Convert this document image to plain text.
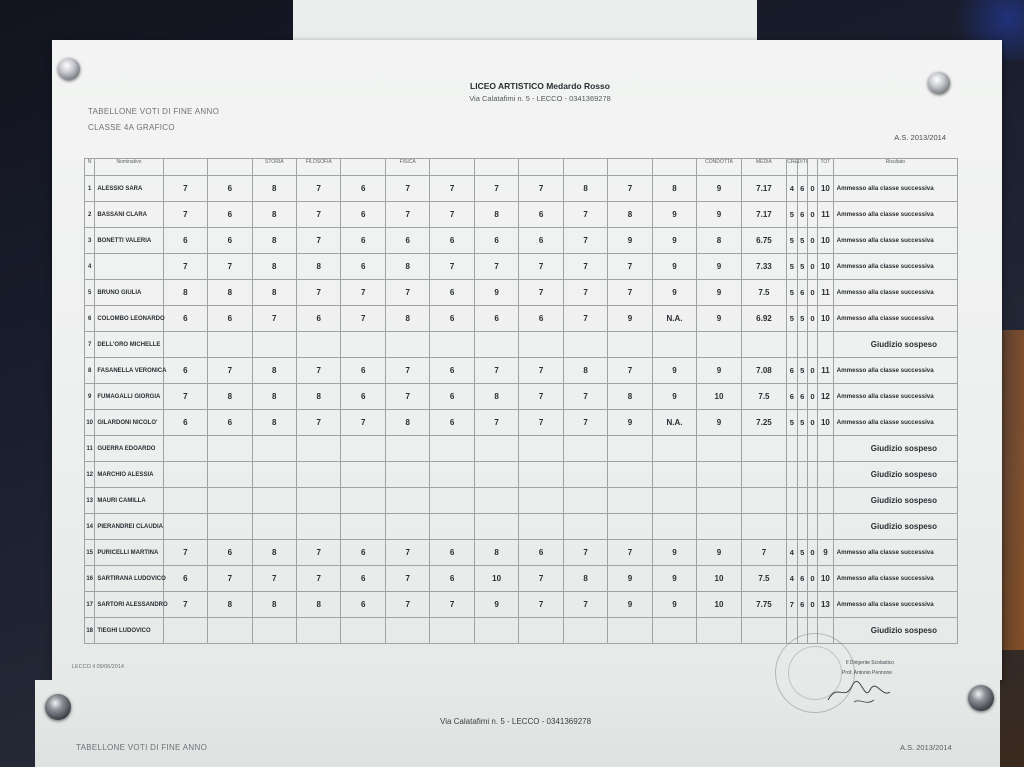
LICEO ARTISTICO Medardo Rosso
Via Calatafimi n. 5 - LECCO - 0341369278
TABELLONE VOTI DI FINE ANNO
CLASSE 4A GRAFICO
A.S. 2013/2014
N	Nominativo			STORIA	FILOSOFIA		FISICA							CONDOTTA	MEDIA	CREDITI			TOT	Risultato
1	ALESSIO SARA	7	6	8	7	6	7	7	7	7	8	7	8	9	7.17	4	6	0	10	Ammesso alla classe successiva
2	BASSANI CLARA	7	6	8	7	6	7	7	8	6	7	8	9	9	7.17	5	6	0	11	Ammesso alla classe successiva
3	BONETTI VALERIA	6	6	8	7	6	6	6	6	6	7	9	9	8	6.75	5	5	0	10	Ammesso alla classe successiva
4		7	7	8	8	6	8	7	7	7	7	7	9	9	7.33	5	5	0	10	Ammesso alla classe successiva
5	BRUNO GIULIA	8	8	8	7	7	7	6	9	7	7	7	9	9	7.5	5	6	0	11	Ammesso alla classe successiva
6	COLOMBO LEONARDO	6	6	7	6	7	8	6	6	6	7	9	N.A.	9	6.92	5	5	0	10	Ammesso alla classe successiva
7	DELL'ORO MICHELLE																			Giudizio sospeso
8	FASANELLA VERONICA	6	7	8	7	6	7	6	7	7	8	7	9	9	7.08	6	5	0	11	Ammesso alla classe successiva
9	FUMAGALLI GIORGIA	7	8	8	8	6	7	6	8	7	7	8	9	10	7.5	6	6	0	12	Ammesso alla classe successiva
10	GILARDONI NICOLO'	6	6	8	7	7	8	6	7	7	7	9	N.A.	9	7.25	5	5	0	10	Ammesso alla classe successiva
11	GUERRA EDOARDO																			Giudizio sospeso
12	MARCHIO ALESSIA																			Giudizio sospeso
13	MAURI CAMILLA																			Giudizio sospeso
14	PIERANDREI CLAUDIA																			Giudizio sospeso
15	PURICELLI MARTINA	7	6	8	7	6	7	6	8	6	7	7	9	9	7	4	5	0	9	Ammesso alla classe successiva
16	SARTIRANA LUDOVICO	6	7	7	7	6	7	6	10	7	8	9	9	10	7.5	4	6	0	10	Ammesso alla classe successiva
17	SARTORI ALESSANDRO	7	8	8	8	6	7	7	9	7	7	9	9	10	7.75	7	6	0	13	Ammesso alla classe successiva
18	TIEGHI LUDOVICO																			Giudizio sospeso
LECCO il 09/06/2014
Il Dirigente Scolastico
Prof. Antonio Pennone
Via Calatafimi n. 5 - LECCO - 0341369278
TABELLONE VOTI DI FINE ANNO	A.S. 2013/2014
